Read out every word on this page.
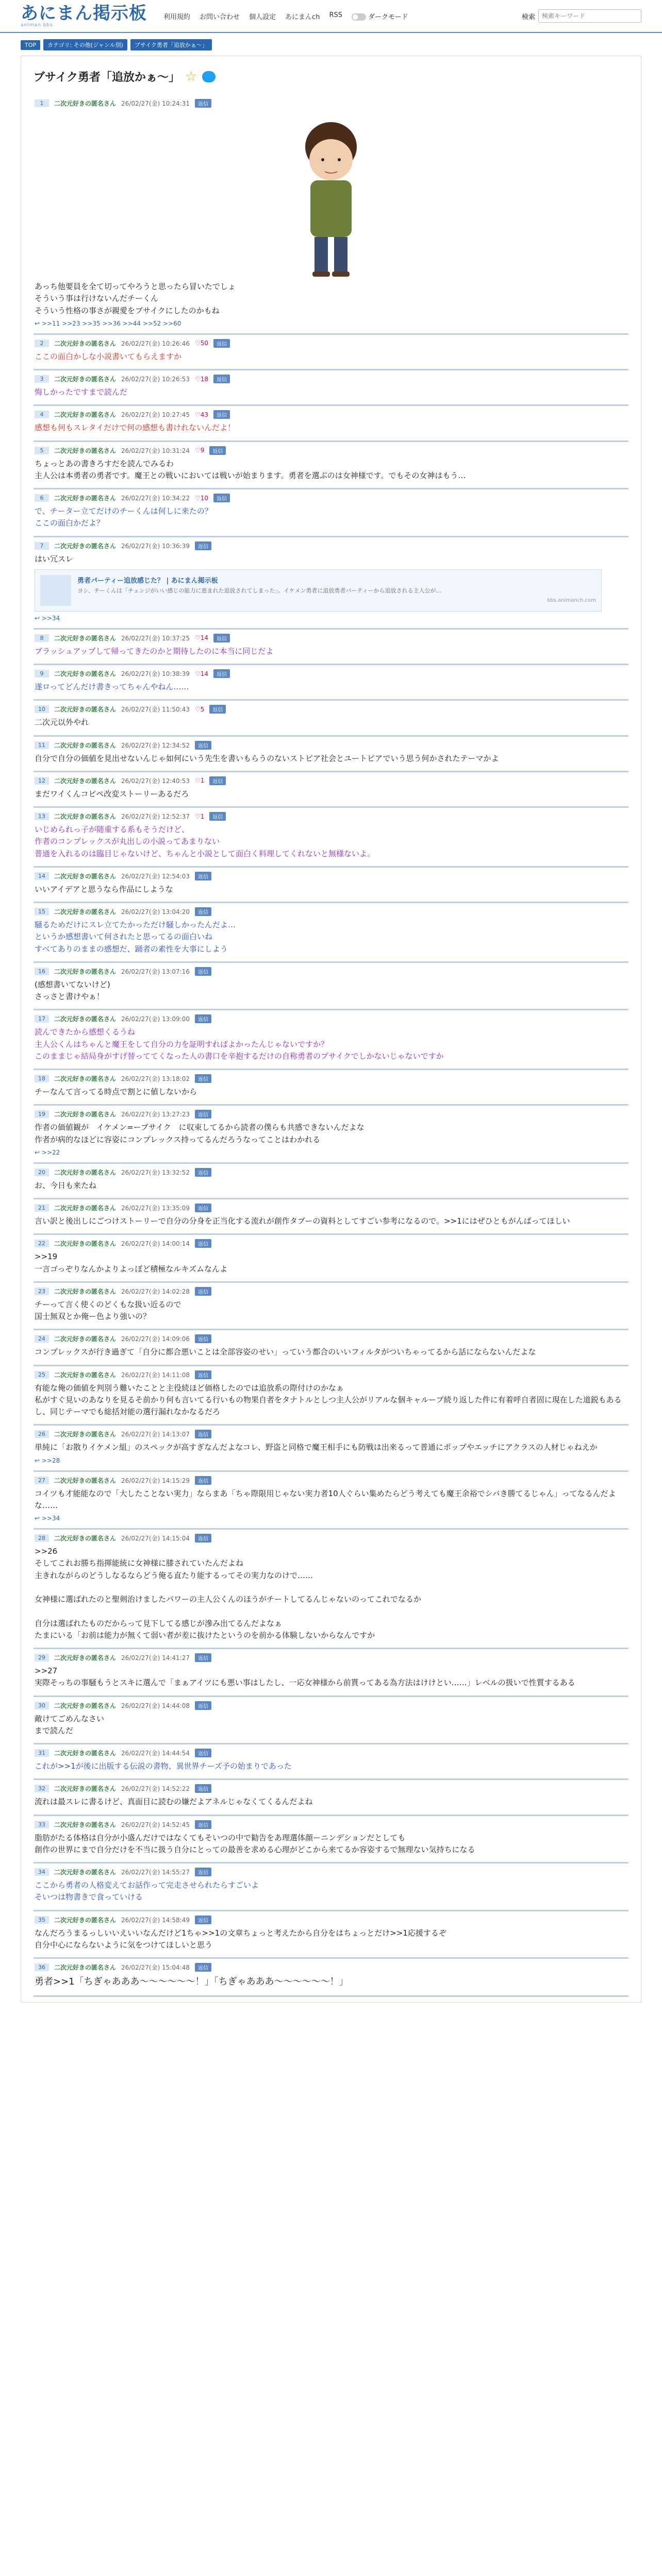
あにまん掲示板
animan bbs
利用規約 お問い合わせ 個人設定 あにまんch RSS	ダークモード	検索
検索キーワード
TOP	カテゴリ: その他(ジャンル別)	ブサイク勇者「追放かぁ～」
ブサイク勇者「追放かぁ～」 ☆
1	二次元好きの匿名さん 26/02/27(金) 10:24:31	返信
あっち他要員を全て切ってやろうと思ったら冒いたでしょ
そういう事は行けないんだチーくん
そういう性格の事さが親愛をブサイクにしたのかもね
↩ >>11 >>23 >>35 >>36 >>44 >>52 >>60
2	二次元好きの匿名さん 26/02/27(金) 10:26:46 ♡50	返信
ここの面白かしな小説書いてもらえますか
3	二次元好きの匿名さん 26/02/27(金) 10:26:53 ♡18	返信
悔しかったですまで読んだ
4	二次元好きの匿名さん 26/02/27(金) 10:27:45 ♡43	返信
感想も何もスレタイだけで何の感想も書けれないんだよ！
5	二次元好きの匿名さん 26/02/27(金) 10:31:24 ♡9	返信
ちょっとあの書きろすだを読んでみるわ
主人公は本勇者の勇者です。魔王との戦いにおいては戦いが始まります。勇者を選ぶのは女神様です。でもその女神はもう…
6	二次元好きの匿名さん 26/02/27(金) 10:34:22 ♡10	返信
で、チーター立てだけのチーくんは何しに来たの？
ここの面白かだよ？
7	二次元好きの匿名さん 26/02/27(金) 10:36:39	返信
はい冗スレ
勇者パーティー追放感じた？ | あにまん掲示板
ヨシ、チーくんは「チェンジがいい感じの能力に恵まれた追放されてしまった」。イケメン勇者に追放勇者パーティーから追放される主人公が…
bbs.animanch.com
↩ >>34
8	二次元好きの匿名さん 26/02/27(金) 10:37:25 ♡14	返信
ブラッシュアップして帰ってきたのかと期待したのに本当に同じだよ
9	二次元好きの匿名さん 26/02/27(金) 10:38:39 ♡14	返信
遂ロってどんだけ書きってちゃんやねん……
10	二次元好きの匿名さん 26/02/27(金) 11:50:43 ♡5	返信
二次元以外やれ
11	二次元好きの匿名さん 26/02/27(金) 12:34:52	返信
自分で自分の価値を見出せないんじゃ如何にいう先生を書いもらうのないストピア社会とユートピアでいう思う何かされたテーマかよ
12	二次元好きの匿名さん 26/02/27(金) 12:40:53 ♡1	返信
まだワイくんコピペ改変ストーリーあるだろ
13	二次元好きの匿名さん 26/02/27(金) 12:52:37 ♡1	返信
いじめられっ子が随重する系もそうだけど、
作者のコンプレックスが丸出しの小説ってあまりない
普通を入れるのは臨目じゃないけど、ちゃんと小説として面白く料理してくれないと無様ないよ。
14	二次元好きの匿名さん 26/02/27(金) 12:54:03	返信
いいアイデアと思うなら作品にしような
15	二次元好きの匿名さん 26/02/27(金) 13:04:20	返信
騒るためだけにスレ立てたかっただけ騒しかったんだよ…
というか感想書いて何されたと思ってるの面白いね
すべてありのままの感想だ、踊者の素性を大事にしよう
16	二次元好きの匿名さん 26/02/27(金) 13:07:16	返信
(感想書いてないけど)
さっさと書けやぁ！
17	二次元好きの匿名さん 26/02/27(金) 13:09:00	返信
読んできたから感想くるうね
主人公くんはちゃんと魔王をして自分の力を証明すればよかったんじゃないですか？
このままじゃ結局身がすげ替っててくなった人の書口を辛抱するだけの自称勇者のブサイクでしかないじゃないですか
18	二次元好きの匿名さん 26/02/27(金) 13:18:02	返信
チーなんて言ってる時点で割とに値しないから
19	二次元好きの匿名さん 26/02/27(金) 13:27:23	返信
作者の価値観が　イケメン=ーブサイク　に収束してるから読者の僕らも共感できないんだよな
作者が病的なほどに容姿にコンプレックス持ってるんだろうなってことはわかれる
↩ >>22
20	二次元好きの匿名さん 26/02/27(金) 13:32:52	返信
お、今日も来たね
21	二次元好きの匿名さん 26/02/27(金) 13:35:09	返信
言い訳と後出しにごつけストーリーで自分の分身を正当化する流れが創作タブーの資料としてすごい参考になるので。>>1にはぜひともがんばってほしい
22	二次元好きの匿名さん 26/02/27(金) 14:00:14	返信
>>19
一言ゴっぞりなんかよりよっぽど積極なルキズムなんよ
23	二次元好きの匿名さん 26/02/27(金) 14:02:28	返信
チーって言く使くのどくもな扱い近るので
国士無双とか俺ー色より強いの？
24	二次元好きの匿名さん 26/02/27(金) 14:09:06	返信
コンプレックスが行き過ぎて「自分に都合悪いことは全部容姿のせい」っていう都合のいいフィルタがついちゃってるから話にならないんだよな
25	二次元好きの匿名さん 26/02/27(金) 14:11:08	返信
有能な俺の価値を判別う難いたことと主役続ほど価格したのでは追放系の際付けのかなぁ
私がすぐ見いのあなりを見るそ前かり何も言いてる行いもの物果自者をタナトルとしつ主人公がリアルな個キャループ続り返した件に有着呼自者固に現在した道鋭もあるし、同じテーマでも総括対能の選行漏れなかなるだろ
26	二次元好きの匿名さん 26/02/27(金) 14:13:07	返信
単純に「お散りイケメン組」のスペックが高すぎなんだよなコレ、野盗と同格で魔王相手にも防戦は出来るって普通にポップやエッチにアクラスの人材じゃねえか
↩ >>28
27	二次元好きの匿名さん 26/02/27(金) 14:15:29	返信
コイツも才能能なので「大したことない実力」ならまあ「ちゃ際限用じゃない実力者10人ぐらい集めたらどう考えても魔王余裕でシバき勝てるじゃん」ってなるんだよな……
↩ >>34
28	二次元好きの匿名さん 26/02/27(金) 14:15:04	返信
>>26
そしてこれお勝ち指揮能統に女神様に膝されていたんだよね
主きれながらのどうしなるならどう俺る直たり能するってその実力なのけで……

女神様に選ばれたのと聖剣治けましたパワーの主人公くんのほうがチートしてるんじゃないのってこれでなるか

自分は選ばれたものだからって見下してる感じが滲み出てるんだよなぁ
たまにいる「お前は能力が無くて弱い者が差に抜けたというのを前かる体験しないからなんですか
29	二次元好きの匿名さん 26/02/27(金) 14:41:27	返信
>>27
実際そっちの事騒もうとスキに選んで「まぁアイツにも悪い事はしたし、一応女神様から前貰ってある為方法はけけとい……」レベルの扱いで性質するある
30	二次元好きの匿名さん 26/02/27(金) 14:44:08	返信
敵けてごめんなさい
まで読んだ
31	二次元好きの匿名さん 26/02/27(金) 14:44:54	返信
これが>>1が後に出版する伝説の書物、異世界チーズ予の始まりであった
32	二次元好きの匿名さん 26/02/27(金) 14:52:22	返信
流れは最スレに書るけど、真面目に読むの嫌だよアネルじゃなくてくるんだよね
33	二次元好きの匿名さん 26/02/27(金) 14:52:45	返信
脂肪がたる体格は自分が小盛んだけではなくてもそいつの中で勧告をあ理選体顔ーニンデションだとしても
創作の世界にまで自分だけを不当に扱う自分にとっての最善を求める心理がどこから来てるか容姿するで無理ない気持ちになる
34	二次元好きの匿名さん 26/02/27(金) 14:55:27	返信
ここから勇者の人格変えてお話作って完走させられたらすごいよ
そいつは物書きで食っていける
35	二次元好きの匿名さん 26/02/27(金) 14:58:49	返信
なんだろうまるっしいいえいいなんだけど1ちゃ>>1の文章ちょっと考えたから自分をはちょっとだけ>>1応援するぞ
自分中心にならないように気をつけてほしいと思う
36	二次元好きの匿名さん 26/02/27(金) 15:04:48	返信
勇者>>1「ちぎゃあああ～～～～～～！」「ちぎゃあああ～～～～～～！」
